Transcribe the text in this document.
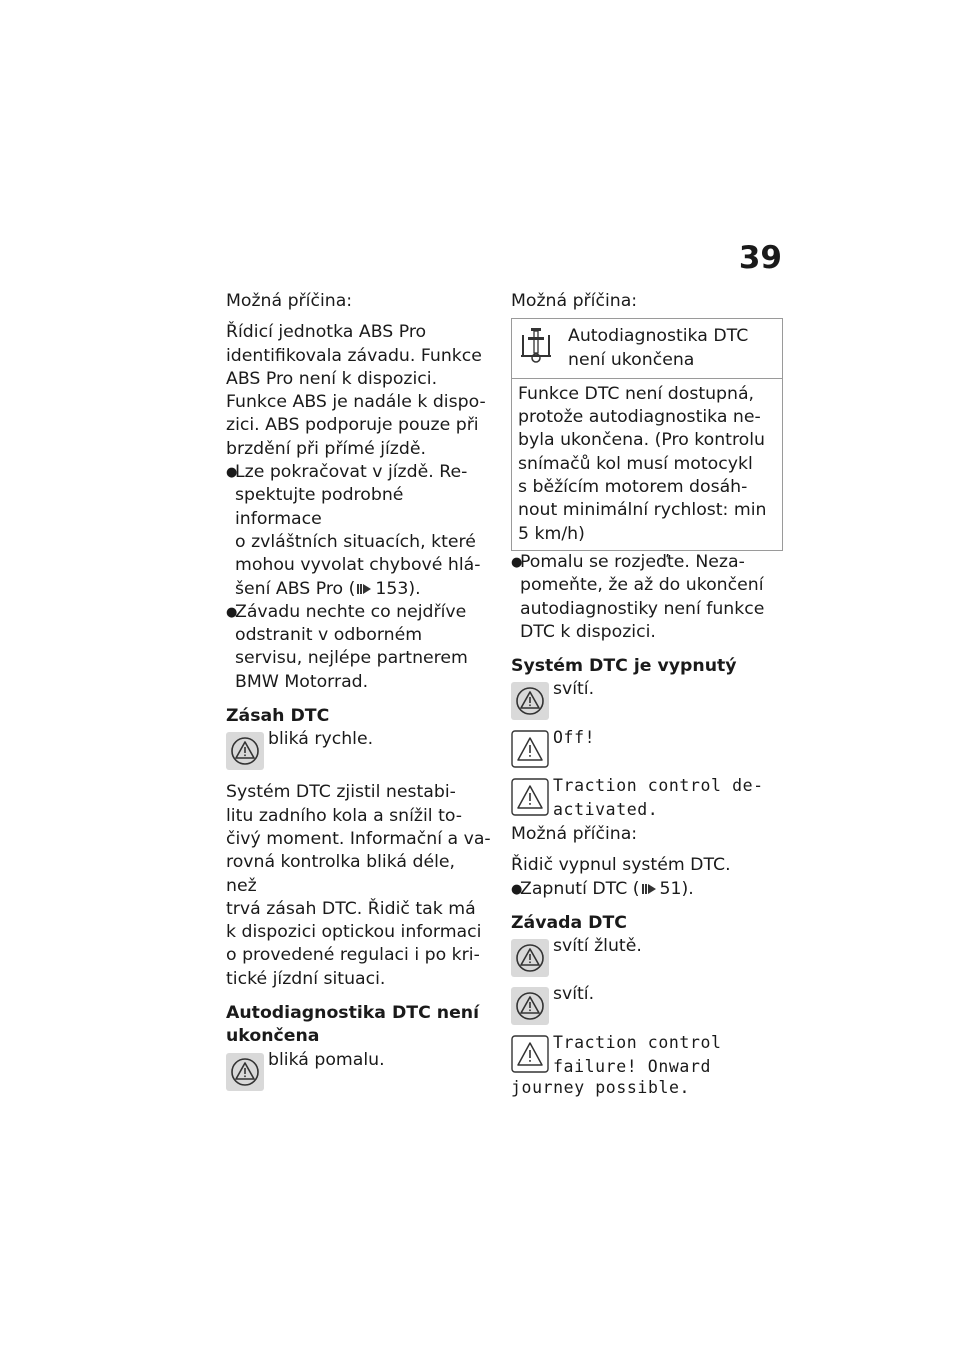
39

Možná příčina:

Řídicí jednotka ABS Pro
identifikovala závadu. Funkce
ABS Pro není k dispozici.
Funkce ABS je nadále k dispo-
zici. ABS podporuje pouze při
brzdění při přímé jízdě.

●
Lze pokračovat v jízdě. Re-
spektujte podrobné informace
o zvláštních situacích, které
mohou vyvolat chybové hlá-
šení ABS Pro ( 153).
●
Závadu nechte co nejdříve
odstranit v odborném
servisu, nejlépe partnerem
BMW Motorrad.

Zásah DTC

bliká rychle.

Systém DTC zjistil nestabi-
litu zadního kola a snížil to-
čivý moment. Informační a va-
rovná kontrolka bliká déle, než
trvá zásah DTC. Řidič tak má
k dispozici optickou informaci
o provedené regulaci i po kri-
tické jízdní situaci.

Autodiagnostika DTC není
ukončena

bliká pomalu.

Možná příčina:

Autodiagnostika DTC
není ukončena
Funkce DTC není dostupná,
protože autodiagnostika ne-
byla ukončena. (Pro kontrolu
snímačů kol musí motocykl
s běžícím motorem dosáh-
nout minimální rychlost: min
5 km/h)
●
Pomalu se rozjeďte. Neza-
pomeňte, že až do ukončení
autodiagnostiky není funkce
DTC k dispozici.

Systém DTC je vypnutý

svítí.
Off!
Traction control de-
activated.

Možná příčina:

Řidič vypnul systém DTC.

●
Zapnutí DTC ( 51).

Závada DTC

svítí žlutě.
svítí.
Traction control
failure! Onward

journey possible.
